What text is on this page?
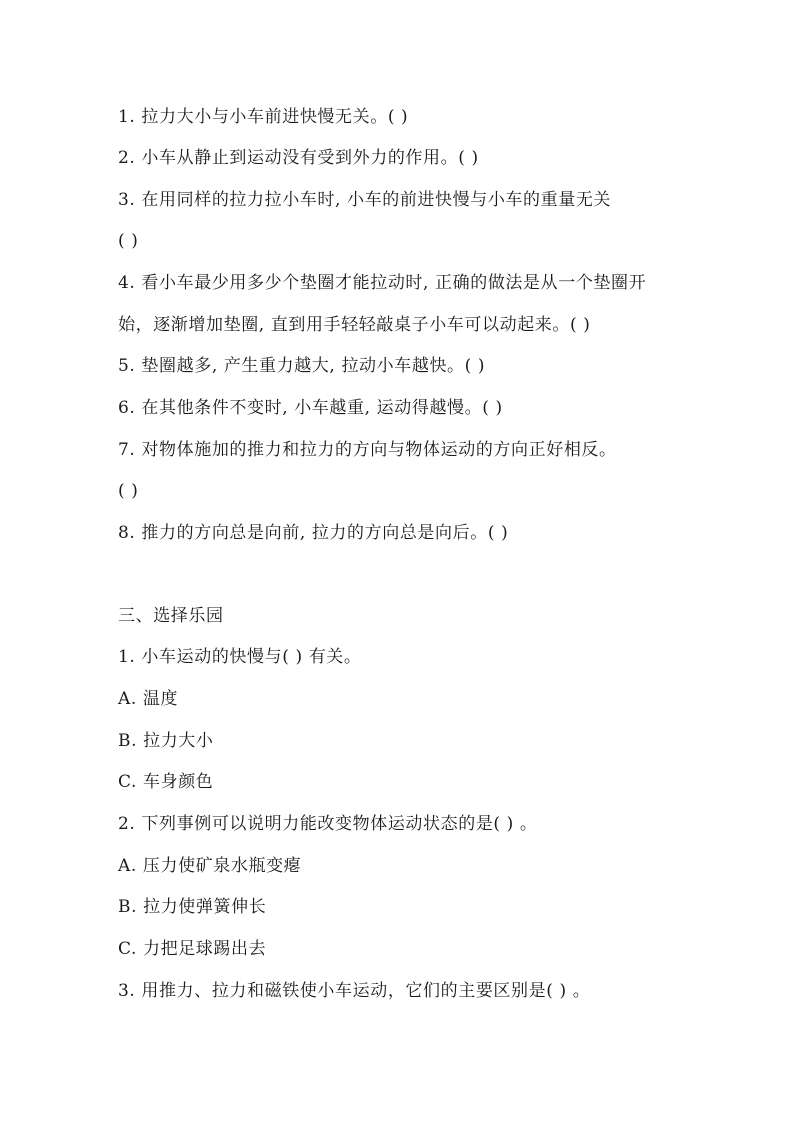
1. 拉力大小与小车前进快慢无关。( )
2. 小车从静止到运动没有受到外力的作用。( )
3. 在用同样的拉力拉小车时, 小车的前进快慢与小车的重量无关
( )
4. 看小车最少用多少个垫圈才能拉动时, 正确的做法是从一个垫圈开
始，逐渐增加垫圈, 直到用手轻轻敲桌子小车可以动起来。( )
5. 垫圈越多, 产生重力越大, 拉动小车越快。( )
6. 在其他条件不变时, 小车越重, 运动得越慢。( )
7. 对物体施加的推力和拉力的方向与物体运动的方向正好相反。
( )
8. 推力的方向总是向前, 拉力的方向总是向后。( )
三、选择乐园
1. 小车运动的快慢与( ) 有关。
A. 温度
B. 拉力大小
C. 车身颜色
2. 下列事例可以说明力能改变物体运动状态的是( ) 。
A. 压力使矿泉水瓶变瘪
B. 拉力使弹簧伸长
C. 力把足球踢出去
3. 用推力、拉力和磁铁使小车运动，它们的主要区别是( ) 。
